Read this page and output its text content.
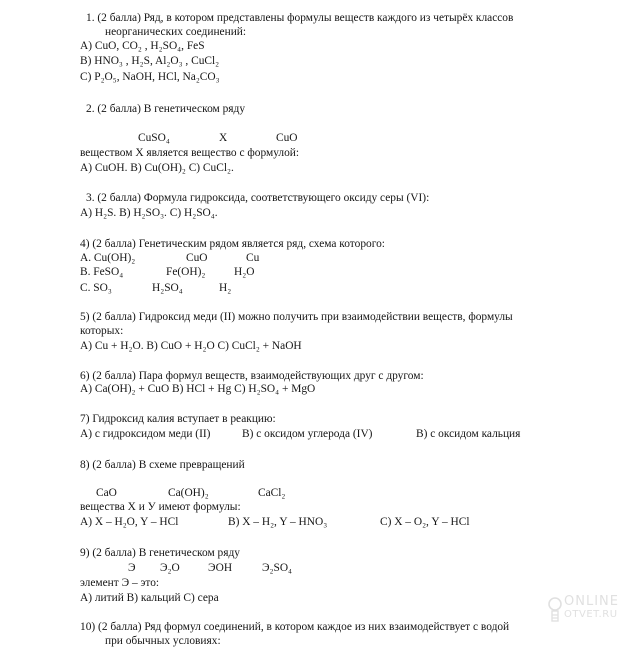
1. (2 балла) Ряд, в котором представлены формулы веществ каждого из четырёх классов
неорганических соединений:
А) CuO, CO₂ , H₂SO₄, FeS
В) HNO₃ , H₂S, Al₂O₃ , CuCl₂
С) P₂O₅, NaOH, HCl, Na₂CO₃
2. (2 балла) В генетическом ряду
CuSO₄	X	CuO
веществом Х является вещество с формулой:
А) CuOH. В) Cu(OH)₂ С) CuCl₂.
3. (2 балла) Формула гидроксида, соответствующего оксиду серы (VI):
А) H₂S. В) H₂SO₃. С) H₂SO₄.
4) (2 балла) Генетическим рядом является ряд, схема которого:
А. Cu(OH)₂	CuO	Cu
В. FeSO₄	Fe(OH)₂	H₂O
С. SO₃	H₂SO₄	H₂
5) (2 балла) Гидроксид меди (II) можно получить при взаимодействии веществ, формулы
которых:
А) Cu + H₂O. В) CuO + H₂O С) CuCl₂ + NaOH
6) (2 балла) Пара формул веществ, взаимодействующих друг с другом:
А) Ca(OH)₂ + CuO В) HCl + Hg С) H₂SO₄ + MgO
7) Гидроксид калия вступает в реакцию:
А) с гидроксидом меди (II)	В) с оксидом углерода (IV)	В) с оксидом кальция
8) (2 балла) В схеме превращений
CaO	Ca(OH)₂	CaCl₂
вещества Х и У имеют формулы:
А) X – H₂O, Y – HCl	В) X – H₂, Y – HNO₃	С) X – O₂, Y – HCl
9) (2 балла) В генетическом ряду
Э Э₂О ЭОН	Э₂SO₄
элемент Э – это:
А) литий В) кальций С) сера
10) (2 балла) Ряд формул соединений, в котором каждое из них взаимодействует с водой
при обычных условиях:
ONLINE
OTVET.RU
